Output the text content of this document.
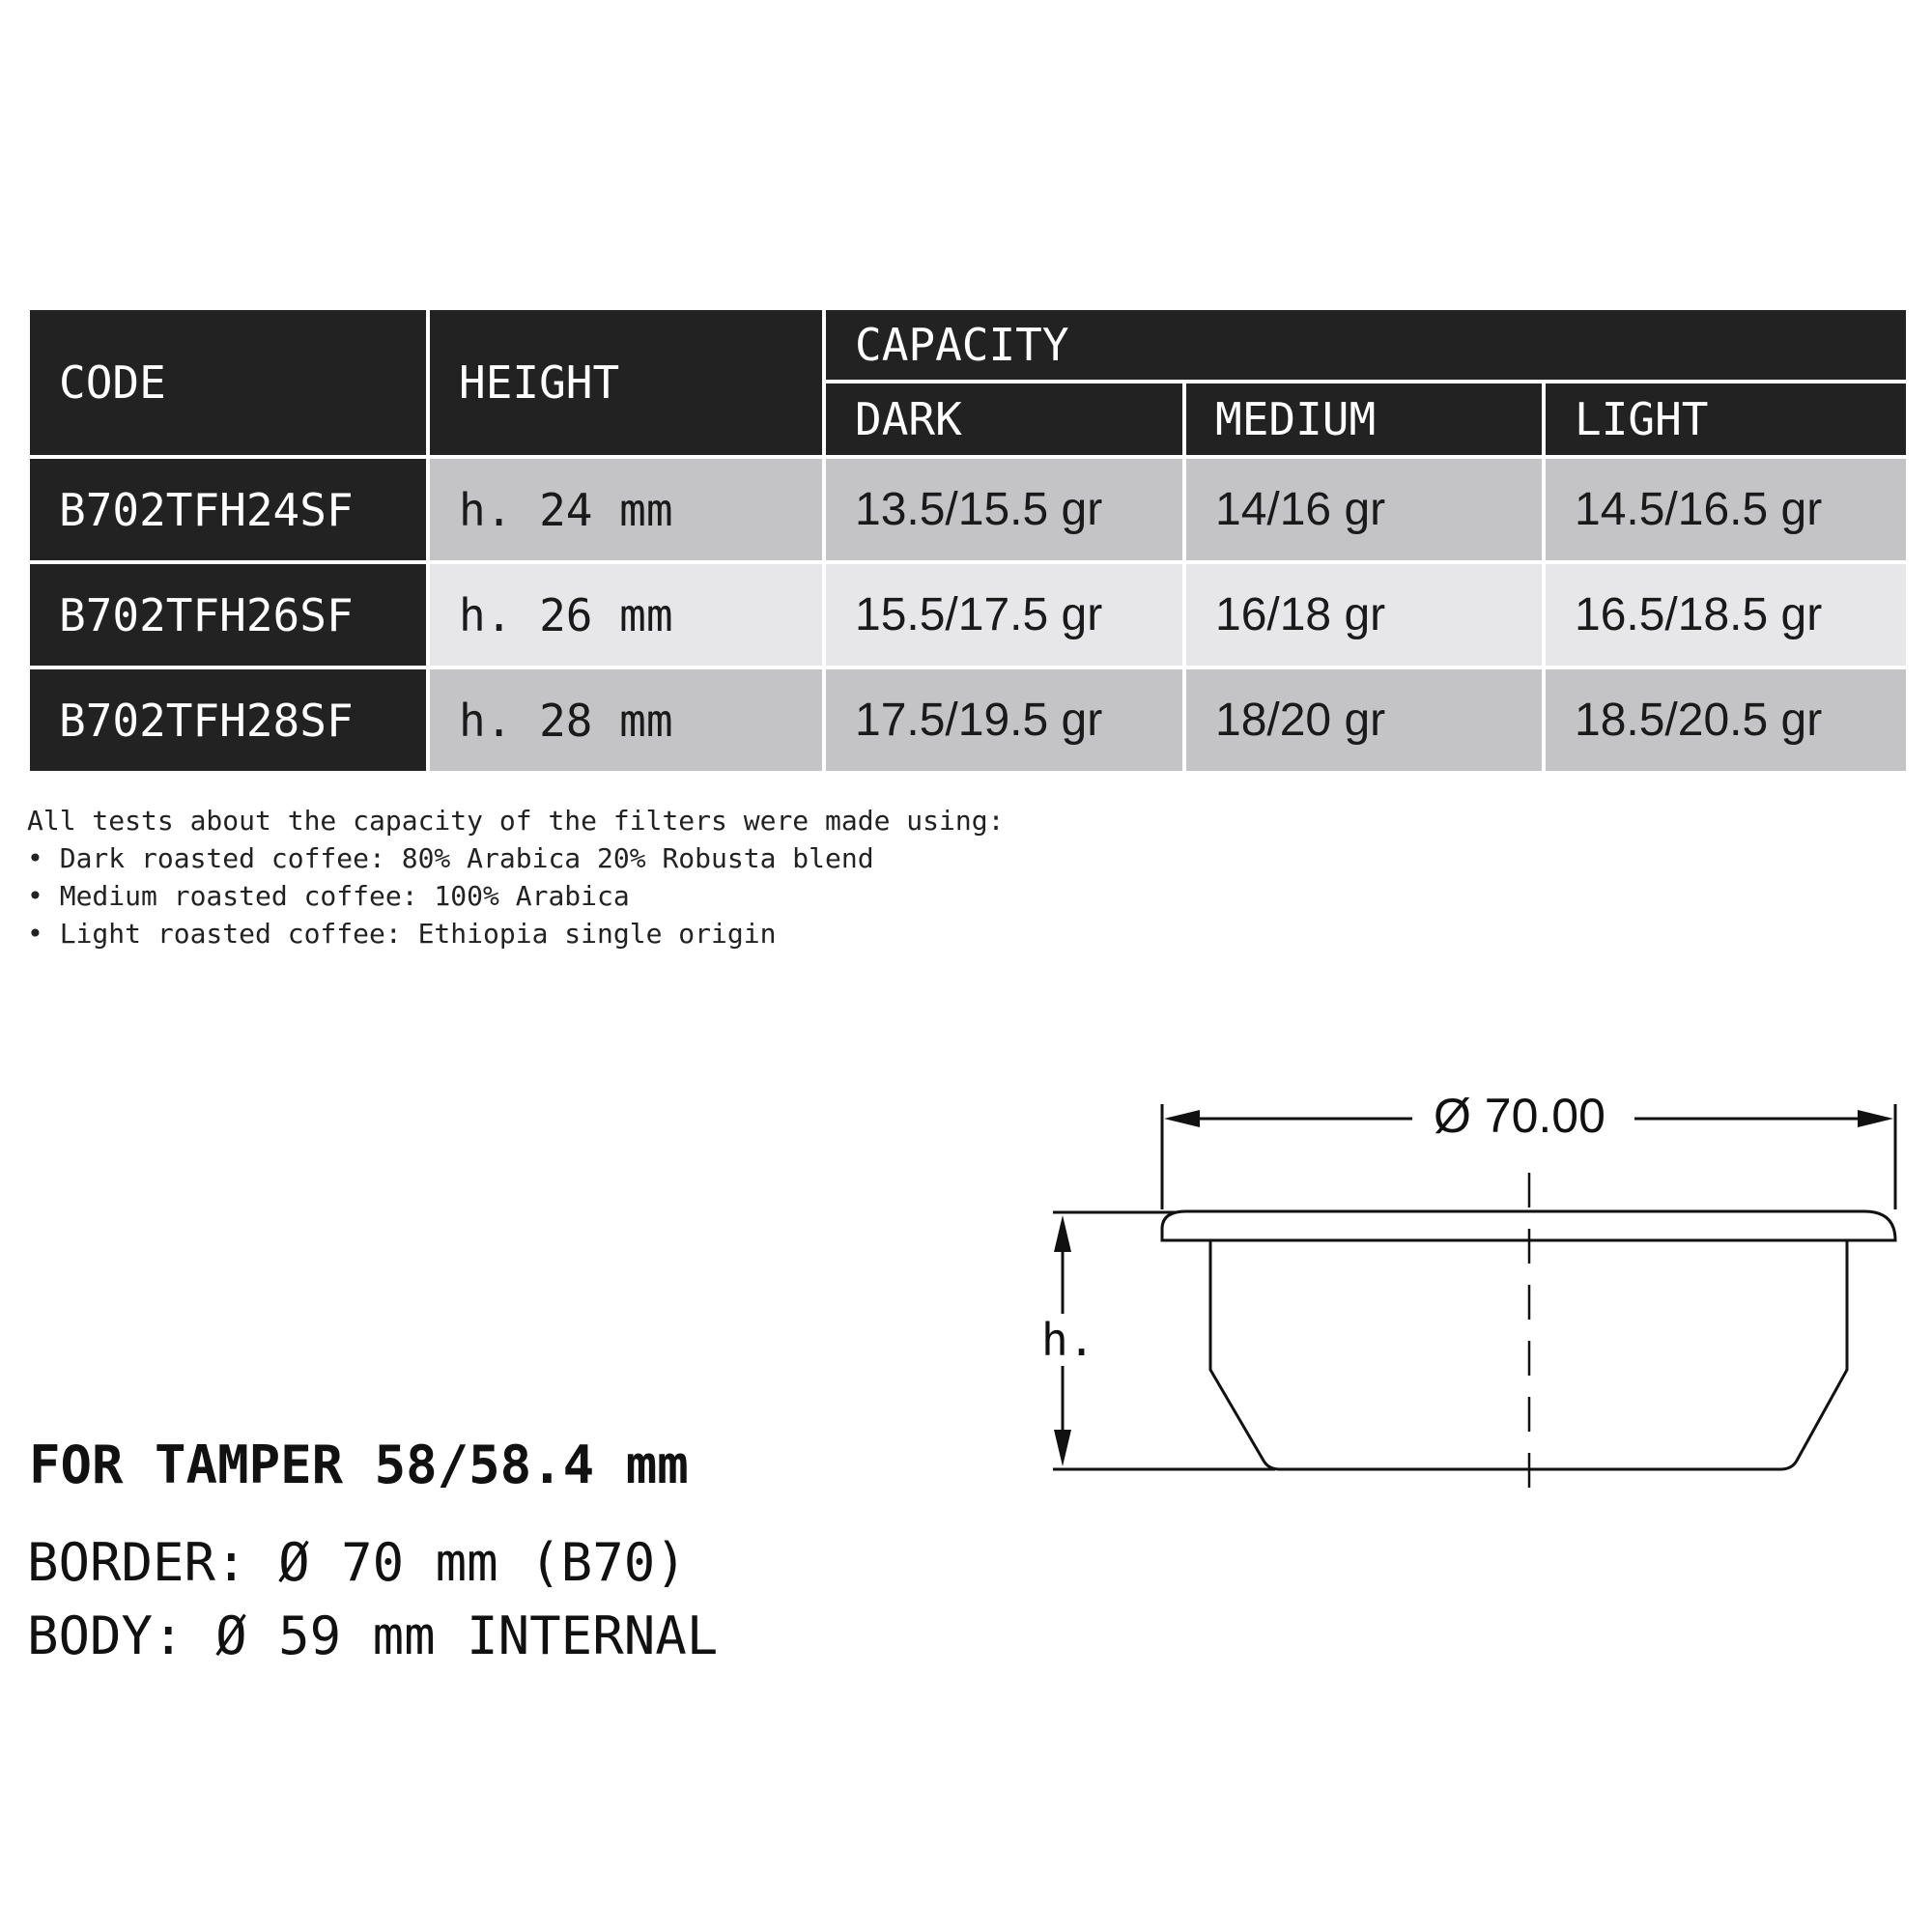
CODE	HEIGHT	CAPACITY		
		DARK	MEDIUM	LIGHT
B702TFH24SF	h. 24 mm	13.5/15.5 gr	14/16 gr	14.5/16.5 gr
B702TFH26SF	h. 26 mm	15.5/17.5 gr	16/18 gr	16.5/18.5 gr
B702TFH28SF	h. 28 mm	17.5/19.5 gr	18/20 gr	18.5/20.5 gr
All tests about the capacity of the filters were made using:
• Dark roasted coffee: 80% Arabica 20% Robusta blend
• Medium roasted coffee: 100% Arabica
• Light roasted coffee: Ethiopia single origin
Ø 70.00
h.
FOR TAMPER 58/58.4 mm
BORDER: Ø 70 mm (B70)
BODY: Ø 59 mm INTERNAL
